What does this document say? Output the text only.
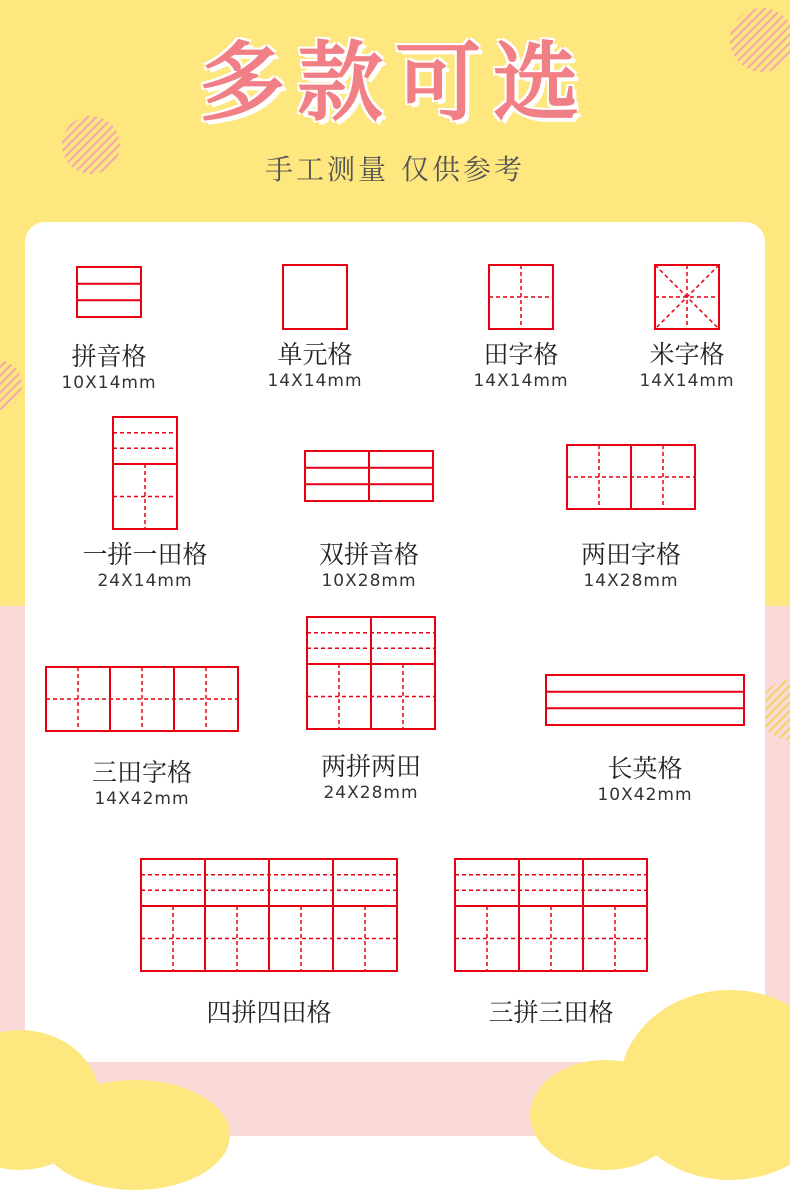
多款可选
手工测量 仅供参考
拼音格
10X14mm
单元格
14X14mm
田字格
14X14mm
米字格
14X14mm
一拼一田格
24X14mm
双拼音格
10X28mm
两田字格
14X28mm
三田字格
14X42mm
两拼两田
24X28mm
长英格
10X42mm
四拼四田格	三拼三田格
